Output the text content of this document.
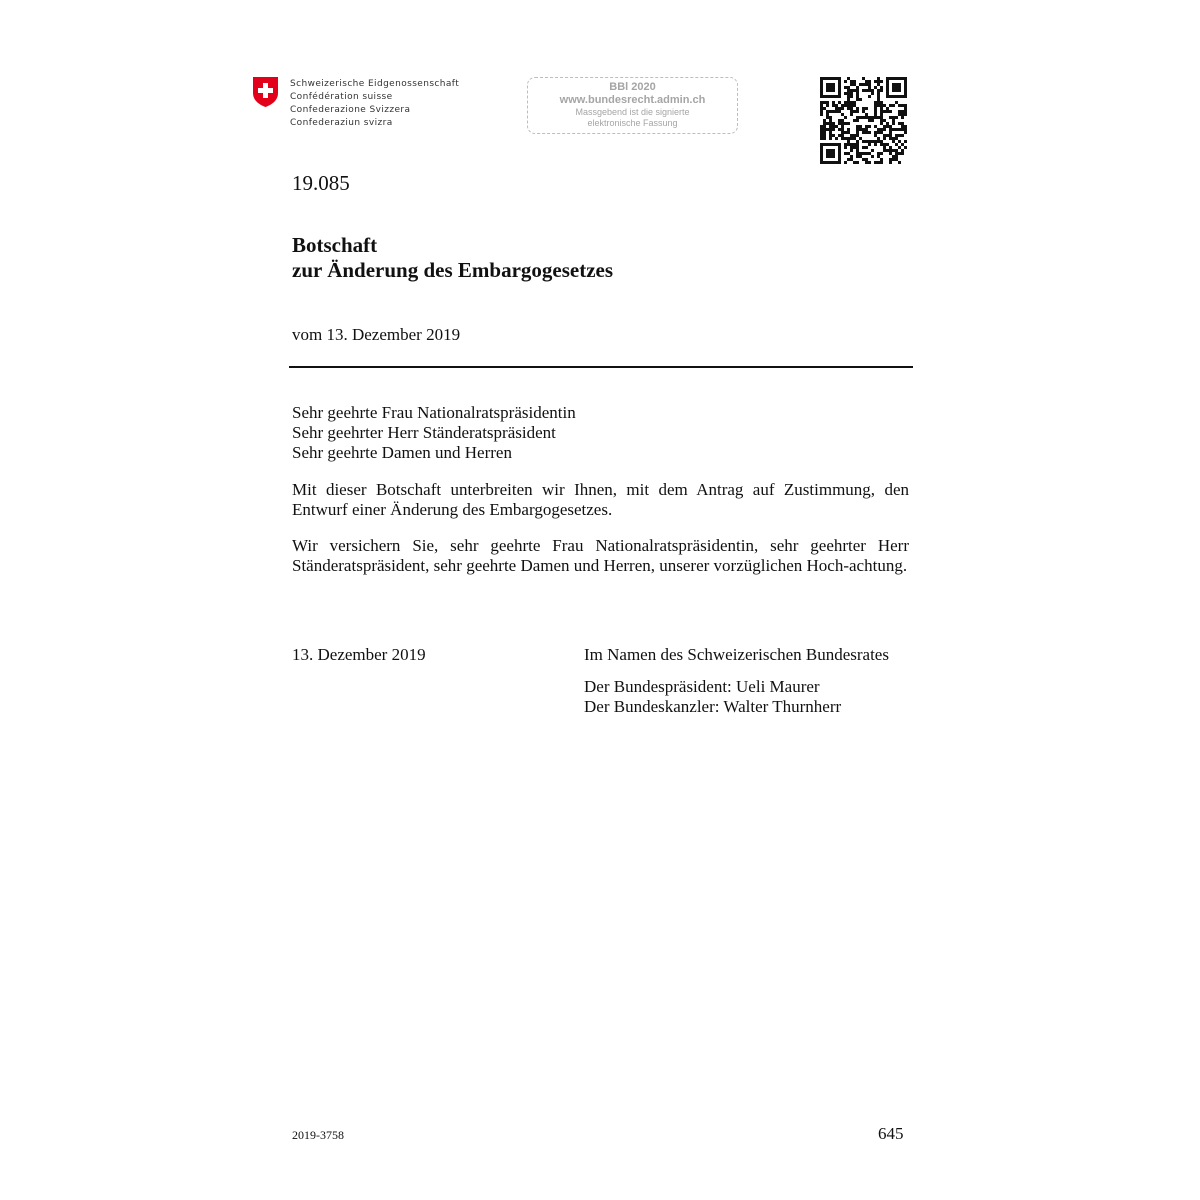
Schweizerische Eidgenossenschaft
Confédération suisse
Confederazione Svizzera
Confederaziun svizra
BBl 2020
www.bundesrecht.admin.ch
Massgebend ist die signierte
elektronische Fassung
19.085
Botschaft
zur Änderung des Embargogesetzes
vom 13. Dezember 2019
Sehr geehrte Frau Nationalratspräsidentin
Sehr geehrter Herr Ständeratspräsident
Sehr geehrte Damen und Herren
Mit dieser Botschaft unterbreiten wir Ihnen, mit dem Antrag auf Zustimmung, den Entwurf einer Änderung des Embargogesetzes.
Wir versichern Sie, sehr geehrte Frau Nationalratspräsidentin, sehr geehrter Herr Ständeratspräsident, sehr geehrte Damen und Herren, unserer vorzüglichen Hoch-achtung.
13. Dezember 2019	Im Namen des Schweizerischen Bundesrates
Der Bundespräsident: Ueli Maurer
Der Bundeskanzler: Walter Thurnherr
2019-3758	645
